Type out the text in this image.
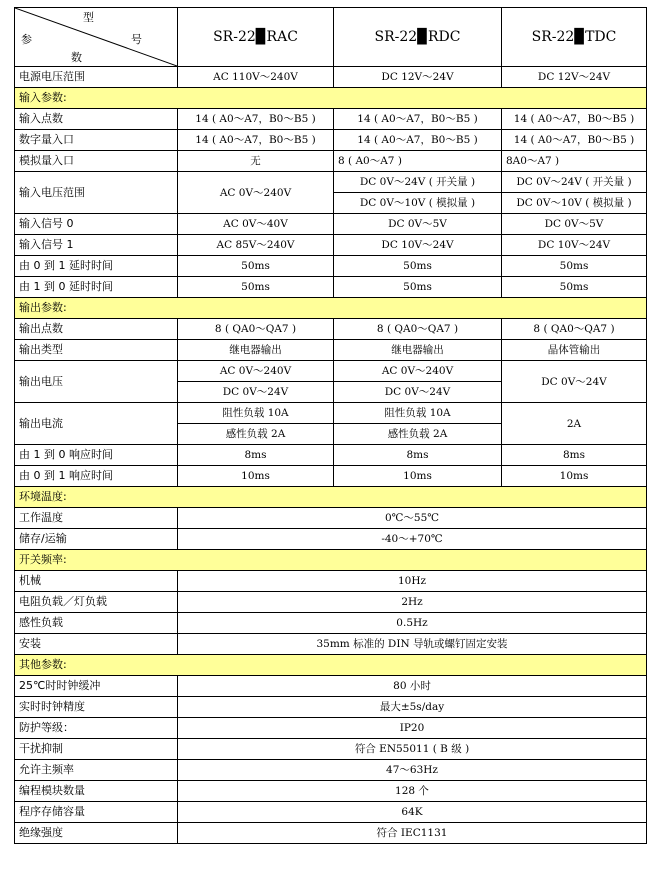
型
参 号
数	SR-22▉RAC	SR-22▉RDC	SR-22▉TDC
电源电压范围	AC 110V～240V	DC 12V～24V	DC 12V～24V
输入参数:			
输入点数	14 ( A0～A7，B0～B5 )	14 ( A0～A7，B0～B5 )	14 ( A0～A7，B0～B5 )
数字量入口	14 ( A0～A7，B0～B5 )	14 ( A0～A7，B0～B5 )	14 ( A0～A7，B0～B5 )
模拟量入口	无	8 ( A0～A7 )	8A0～A7 )
输入电压范围	AC 0V～240V	DC 0V～24V ( 开关量 )	DC 0V～24V ( 开关量 )
		DC 0V～10V ( 模拟量 )	DC 0V～10V ( 模拟量 )
输入信号 0	AC 0V～40V	DC 0V～5V	DC 0V～5V
输入信号 1	AC 85V～240V	DC 10V～24V	DC 10V～24V
由 0 到 1 延时时间	50ms	50ms	50ms
由 1 到 0 延时时间	50ms	50ms	50ms
输出参数:			
输出点数	8 ( QA0～QA7 )	8 ( QA0～QA7 )	8 ( QA0～QA7 )
输出类型	继电器输出	继电器输出	晶体管输出
输出电压	AC 0V～240V	AC 0V～240V	DC 0V～24V
	DC 0V～24V	DC 0V～24V	
输出电流	阻性负载 10A	阻性负载 10A	2A
	感性负载 2A	感性负载 2A	
由 1 到 0 响应时间	8ms	8ms	8ms
由 0 到 1 响应时间	10ms	10ms	10ms
环境温度:			
工作温度	0℃～55℃		
储存/运输	-40～+70℃		
开关频率:			
机械	10Hz		
电阻负载／灯负载	2Hz		
感性负载	0.5Hz		
安装	35mm 标准的 DIN 导轨或螺钉固定安装		
其他参数:			
25℃时时钟缓冲	80 小时		
实时时钟精度	最大±5s/day		
防护等级：	IP20		
干扰抑制	符合 EN55011 ( B 级 )		
允许主频率	47～63Hz		
编程模块数量	128 个		
程序存储容量	64K		
绝缘强度	符合 IEC1131		
